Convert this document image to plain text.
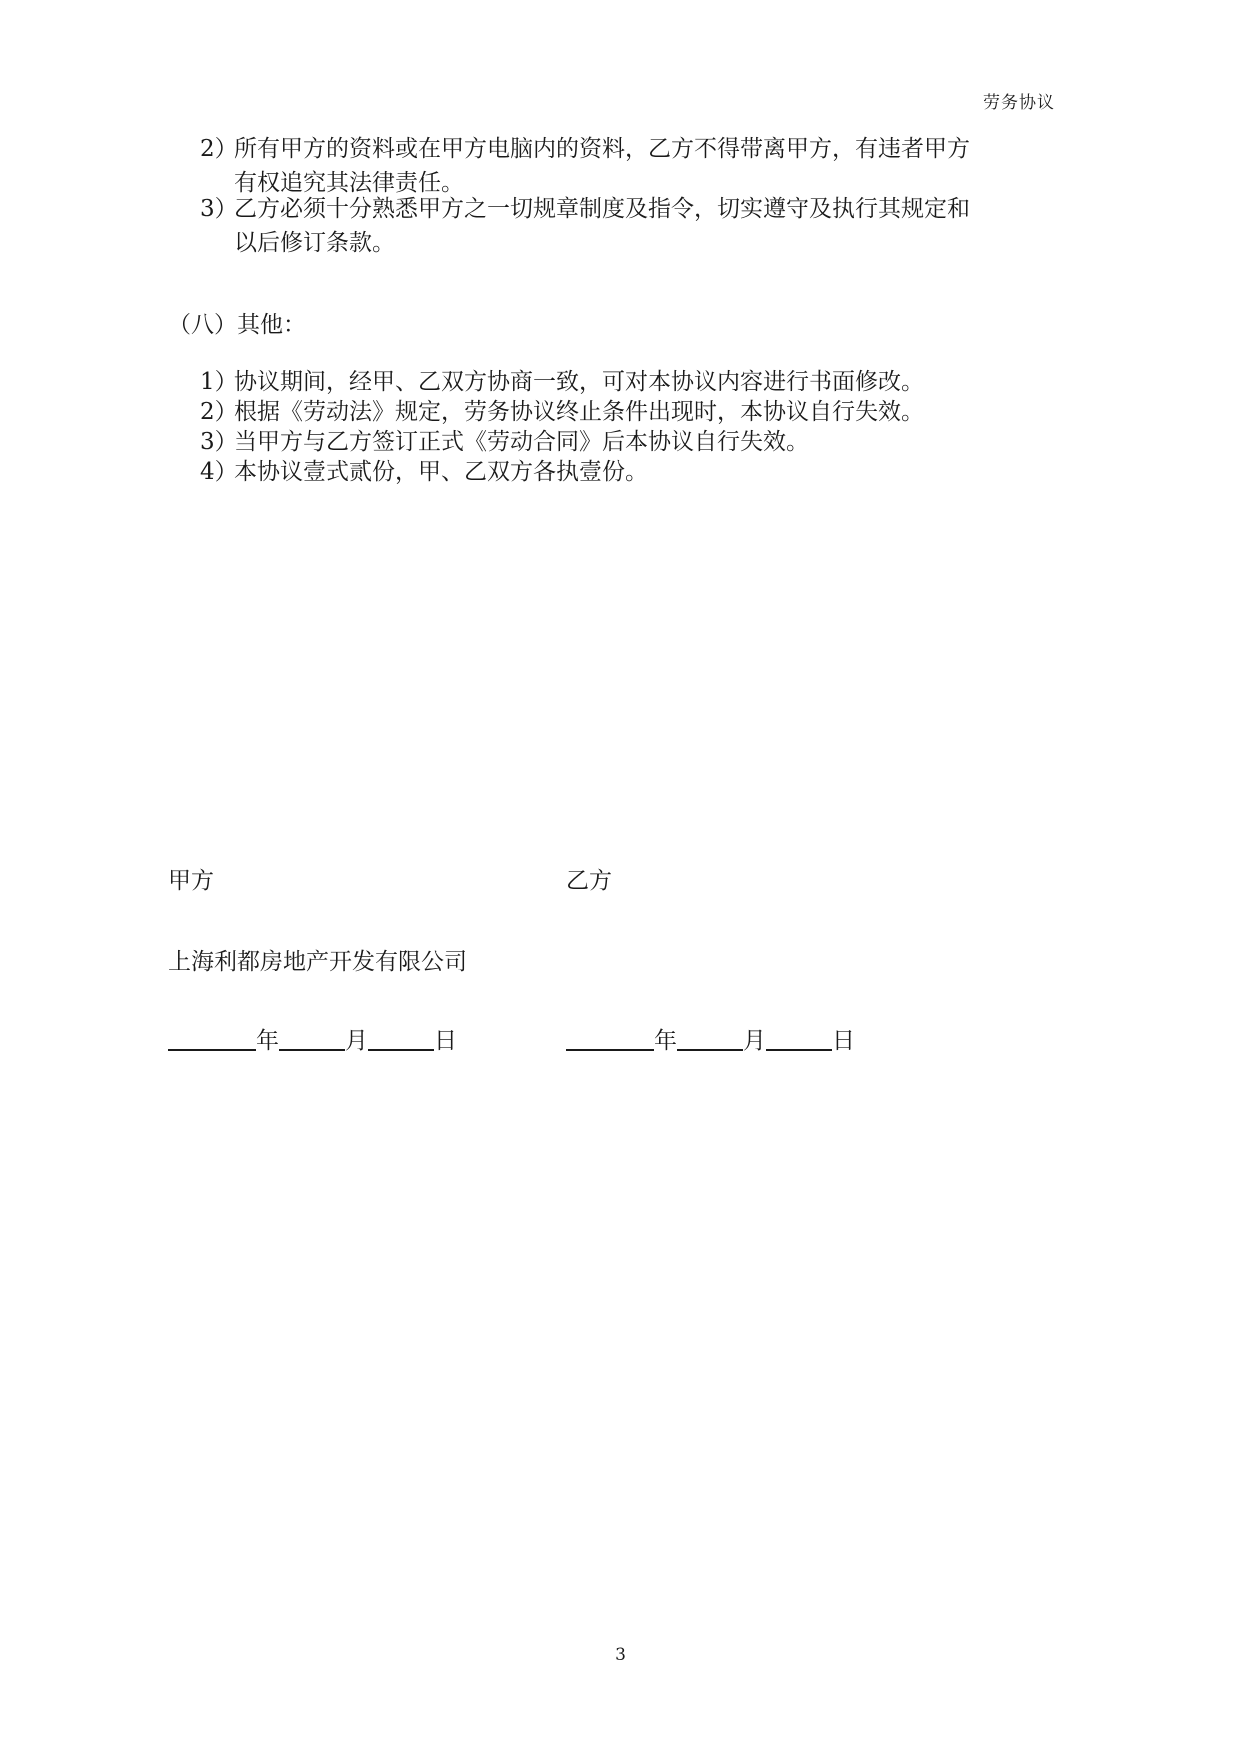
劳务协议
2）
所有甲方的资料或在甲方电脑内的资料，乙方不得带离甲方，有违者甲方
有权追究其法律责任。
3）
乙方必须十分熟悉甲方之一切规章制度及指令，切实遵守及执行其规定和
以后修订条款。
（八）其他：
1）
协议期间，经甲、乙双方协商一致，可对本协议内容进行书面修改。
2）
根据《劳动法》规定，劳务协议终止条件出现时，本协议自行失效。
3）
当甲方与乙方签订正式《劳动合同》后本协议自行失效。
4）
本协议壹式贰份，甲、乙双方各执壹份。
甲方	乙方
上海利都房地产开发有限公司
年	月	日	年	月	日
3
